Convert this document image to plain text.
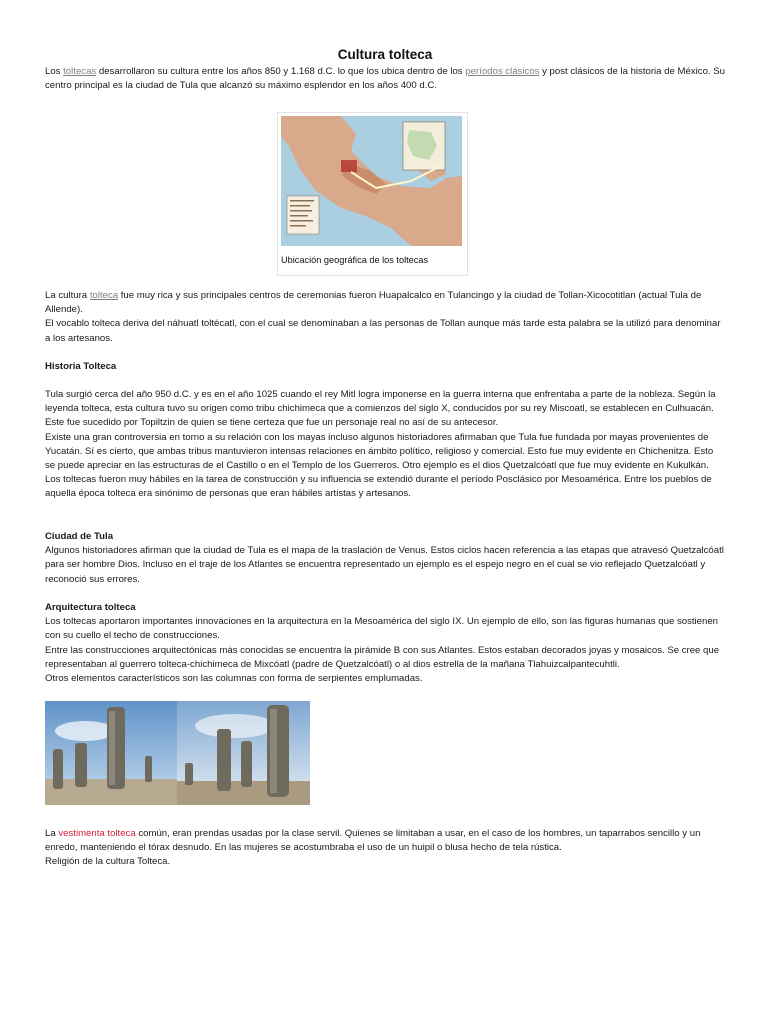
Cultura tolteca

Los toltecas desarrollaron su cultura entre los años 850 y 1.168 d.C. lo que los ubica dentro de los períodos clásicos y post clásicos de la historia de México. Su centro principal es la ciudad de Tula que alcanzó su máximo esplendor en los años 400 d.C.

Ubicación geográfica de los toltecas

La cultura tolteca fue muy rica y sus principales centros de ceremonias fueron Huapalcalco en Tulancingo y la ciudad de Tollan-Xicocotitlan (actual Tula de Allende).

El vocablo tolteca deriva del náhuatl toltécatl, con el cual se denominaban a las personas de Tollan aunque más tarde esta palabra se la utilizó para denominar a los artesanos.

Historia Tolteca

Tula surgió cerca del año 950 d.C. y es en el año 1025 cuando el rey Mitl logra imponerse en la guerra interna que enfrentaba a parte de la nobleza. Según la leyenda tolteca, esta cultura tuvo su origen como tribu chichimeca que a comienzos del siglo X, conducidos por su rey Miscoatl, se establecen en Culhuacán. Este fue sucedido por Topiltzin de quien se tiene certeza que fue un personaje real no así de su antecesor.

Existe una gran controversia en torno a su relación con los mayas incluso algunos historiadores afirmaban que Tula fue fundada por mayas provenientes de Yucatán. Sí es cierto, que ambas tribus mantuvieron intensas relaciones en ámbito político, religioso y comercial. Esto fue muy evidente en Chichenitza. Esto se puede apreciar en las estructuras de el Castillo o en el Templo de los Guerreros. Otro ejemplo es el dios Quetzalcóatl que fue muy evidente en Kukulkán.

Los toltecas fueron muy hábiles en la tarea de construcción y su influencia se extendió durante el período Posclásico por Mesoamérica. Entre los pueblos de aquella época tolteca era sinónimo de personas que eran hábiles artistas y artesanos.

Ciudad de Tula

Algunos historiadores afirman que la ciudad de Tula es el mapa de la traslación de Venus. Estos ciclos hacen referencia a las etapas que atravesó Quetzalcóatl para ser hombre Dios. Incluso en el traje de los Atlantes se encuentra representado un ejemplo es el espejo negro en el cual se vio reflejado Quetzalcóatl y reconoció sus errores.

Arquitectura tolteca

Los toltecas aportaron importantes innovaciones en la arquitectura en la Mesoamérica del siglo IX. Un ejemplo de ello, son las figuras humanas que sostienen con su cuello el techo de construcciones.

Entre las construcciones arquitectónicas más conocidas se encuentra la pirámide B con sus Atlantes. Estos estaban decorados joyas y mosaicos. Se cree que representaban al guerrero tolteca-chichimeca de Mixcóatl (padre de Quetzalcóatl) o al dios estrella de la mañana Tlahuizcalpantecuhtli.

Otros elementos característicos son las columnas con forma de serpientes emplumadas.

La vestimenta tolteca común, eran prendas usadas por la clase servil. Quienes se limitaban a usar, en el caso de los hombres, un taparrabos sencillo y un enredo, manteniendo el tórax desnudo. En las mujeres se acostumbraba el uso de un huipil o blusa hecho de tela rústica.

Religión de la cultura Tolteca.
